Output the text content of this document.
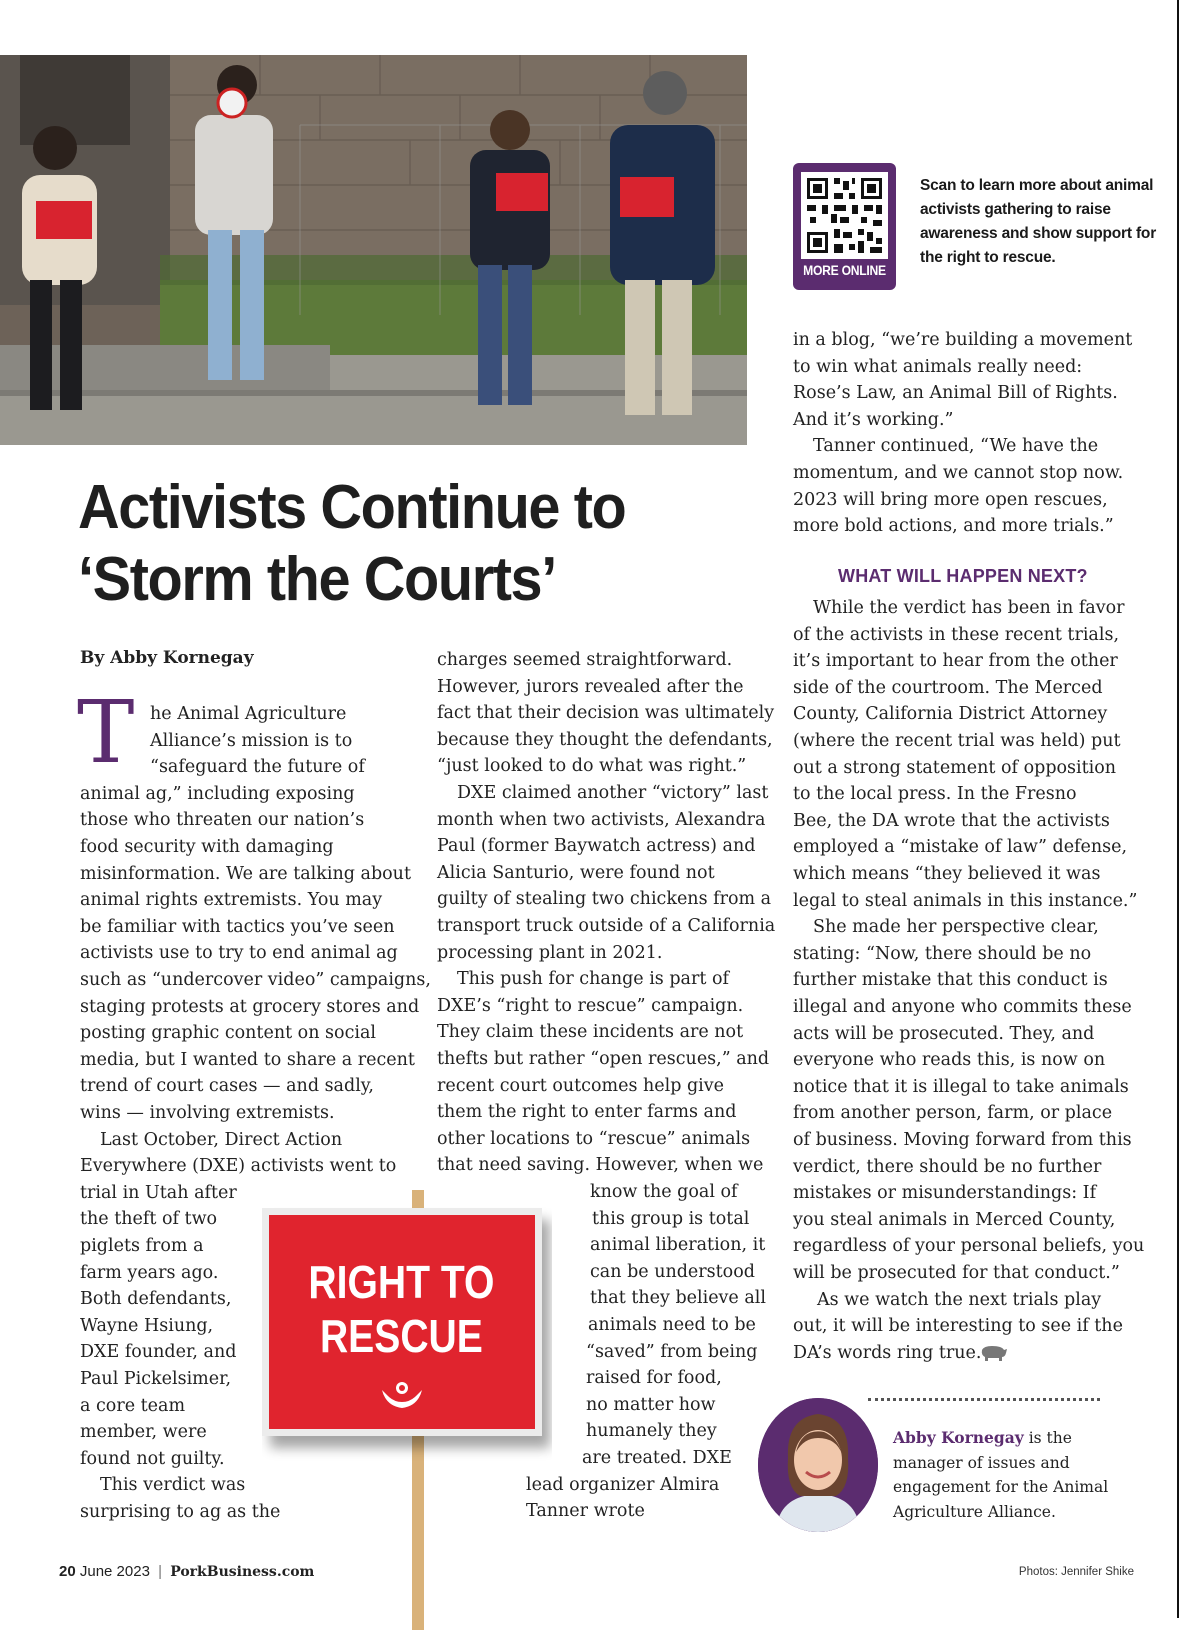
MORE ONLINE
Scan to learn more about animal activists gathering to raise awareness and show support for the right to rescue.
Activists Continue to
‘Storm the Courts’
By Abby Kornegay
T he Animal Agriculture
Alliance’s mission is to
“safeguard the future of
animal ag,” including exposing
those who threaten our nation’s
food security with damaging
misinformation. We are talking about
animal rights extremists. You may
be familiar with tactics you’ve seen
activists use to try to end animal ag
such as “undercover video” campaigns,
staging protests at grocery stores and
posting graphic content on social
media, but I wanted to share a recent
trend of court cases — and sadly,
wins — involving extremists.
Last October, Direct Action
Everywhere (DXE) activists went to
trial in Utah after
the theft of two
piglets from a
farm years ago.
Both defendants,
Wayne Hsiung,
DXE founder, and
Paul Pickelsimer,
a core team
member, were
found not guilty.
This verdict was
surprising to ag as the
charges seemed straightforward.
However, jurors revealed after the
fact that their decision was ultimately
because they thought the defendants,
“just looked to do what was right.”
DXE claimed another “victory” last
month when two activists, Alexandra
Paul (former Baywatch actress) and
Alicia Santurio, were found not
guilty of stealing two chickens from a
transport truck outside of a California
processing plant in 2021.
This push for change is part of
DXE’s “right to rescue” campaign.
They claim these incidents are not
thefts but rather “open rescues,” and
recent court outcomes help give
them the right to enter farms and
other locations to “rescue” animals
that need saving. However, when we
know the goal of
this group is total
animal liberation, it
can be understood
that they believe all
animals need to be
“saved” from being
raised for food,
no matter how
humanely they
are treated. DXE
lead organizer Almira
Tanner wrote
in a blog, “we’re building a movement
to win what animals really need:
Rose’s Law, an Animal Bill of Rights.
And it’s working.”
Tanner continued, “We have the
momentum, and we cannot stop now.
2023 will bring more open rescues,
more bold actions, and more trials.”
WHAT WILL HAPPEN NEXT?
While the verdict has been in favor
of the activists in these recent trials,
it’s important to hear from the other
side of the courtroom. The Merced
County, California District Attorney
(where the recent trial was held) put
out a strong statement of opposition
to the local press. In the Fresno
Bee, the DA wrote that the activists
employed a “mistake of law” defense,
which means “they believed it was
legal to steal animals in this instance.”
She made her perspective clear,
stating: “Now, there should be no
further mistake that this conduct is
illegal and anyone who commits these
acts will be prosecuted. They, and
everyone who reads this, is now on
notice that it is illegal to take animals
from another person, farm, or place
of business. Moving forward from this
verdict, there should be no further
mistakes or misunderstandings: If
you steal animals in Merced County,
regardless of your personal beliefs, you
will be prosecuted for that conduct.”
As we watch the next trials play
out, it will be interesting to see if the
DA’s words ring true.
RIGHT TO
RESCUE
Abby Kornegay is the manager of issues and engagement for the Animal Agriculture Alliance.
20 June 2023 | PorkBusiness.com	Photos: Jennifer Shike
